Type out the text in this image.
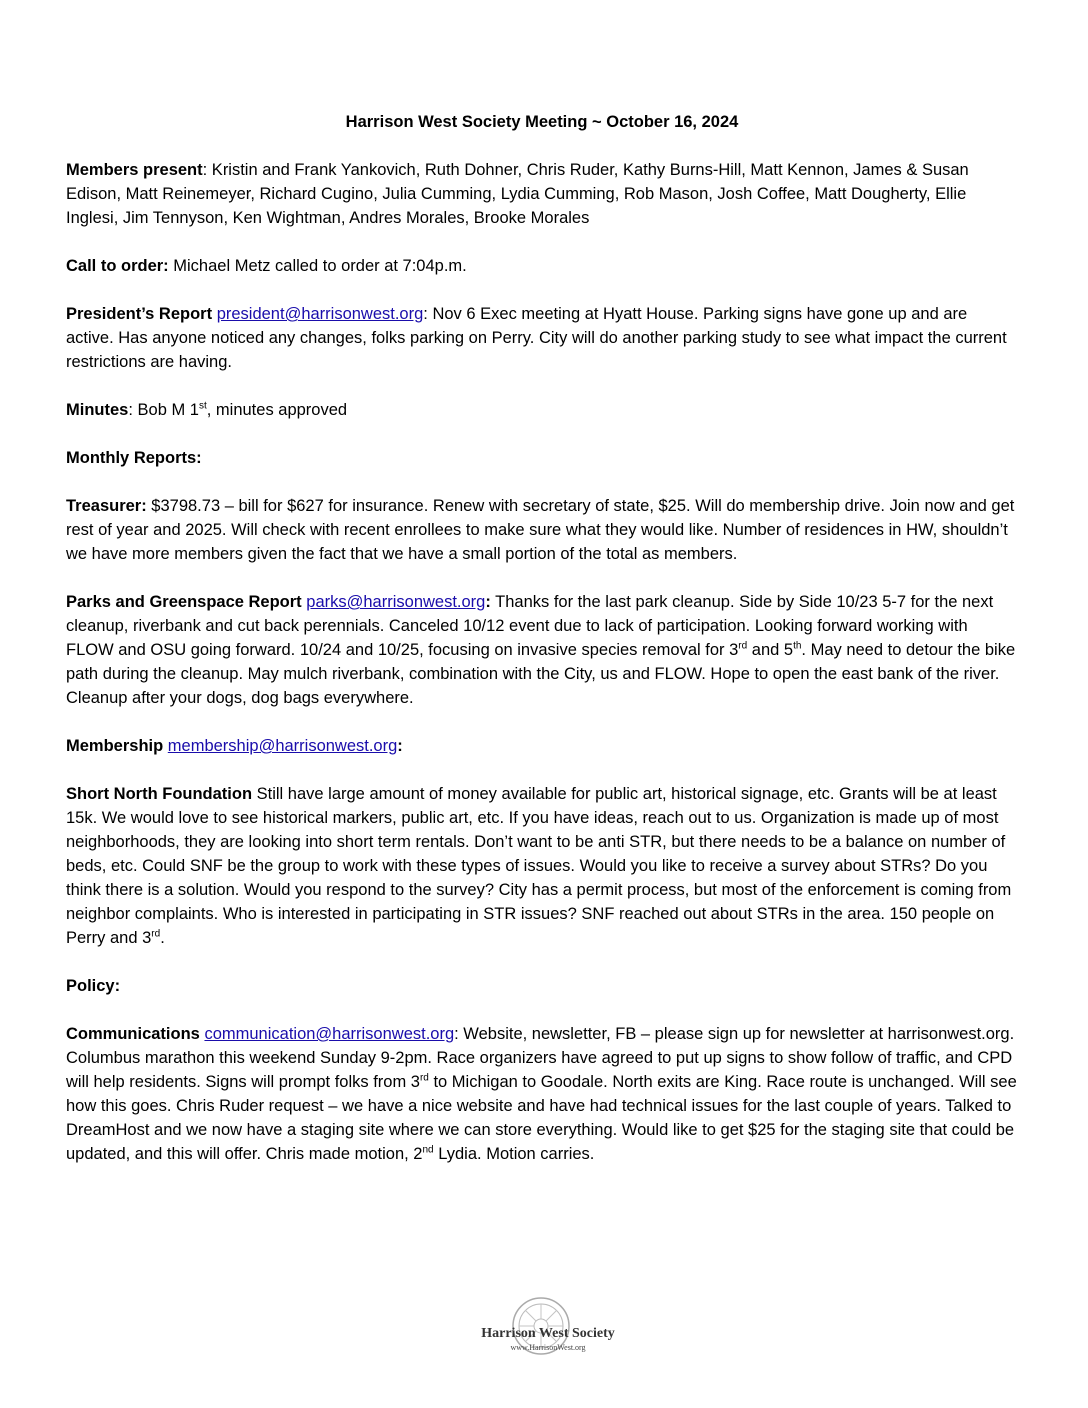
Harrison West Society Meeting ~ October 16, 2024

Members present: Kristin and Frank Yankovich, Ruth Dohner, Chris Ruder, Kathy Burns-Hill, Matt Kennon, James & Susan Edison, Matt Reinemeyer, Richard Cugino, Julia Cumming, Lydia Cumming, Rob Mason, Josh Coffee, Matt Dougherty, Ellie Inglesi, Jim Tennyson, Ken Wightman, Andres Morales, Brooke Morales

Call to order: Michael Metz called to order at 7:04p.m.

President’s Report president@harrisonwest.org: Nov 6 Exec meeting at Hyatt House. Parking signs have gone up and are active. Has anyone noticed any changes, folks parking on Perry. City will do another parking study to see what impact the current restrictions are having.

Minutes: Bob M 1st, minutes approved

Monthly Reports:

Treasurer: $3798.73 – bill for $627 for insurance. Renew with secretary of state, $25. Will do membership drive. Join now and get rest of year and 2025. Will check with recent enrollees to make sure what they would like. Number of residences in HW, shouldn’t we have more members given the fact that we have a small portion of the total as members.

Parks and Greenspace Report parks@harrisonwest.org: Thanks for the last park cleanup. Side by Side 10/23 5-7 for the next cleanup, riverbank and cut back perennials. Canceled 10/12 event due to lack of participation. Looking forward working with FLOW and OSU going forward. 10/24 and 10/25, focusing on invasive species removal for 3rd and 5th. May need to detour the bike path during the cleanup. May mulch riverbank, combination with the City, us and FLOW. Hope to open the east bank of the river. Cleanup after your dogs, dog bags everywhere.

Membership membership@harrisonwest.org:

Short North Foundation Still have large amount of money available for public art, historical signage, etc. Grants will be at least 15k. We would love to see historical markers, public art, etc. If you have ideas, reach out to us. Organization is made up of most neighborhoods, they are looking into short term rentals. Don’t want to be anti STR, but there needs to be a balance on number of beds, etc. Could SNF be the group to work with these types of issues. Would you like to receive a survey about STRs? Do you think there is a solution. Would you respond to the survey? City has a permit process, but most of the enforcement is coming from neighbor complaints. Who is interested in participating in STR issues? SNF reached out about STRs in the area. 150 people on Perry and 3rd.

Policy:

Communications communication@harrisonwest.org: Website, newsletter, FB – please sign up for newsletter at harrisonwest.org. Columbus marathon this weekend Sunday 9-2pm. Race organizers have agreed to put up signs to show follow of traffic, and CPD will help residents. Signs will prompt folks from 3rd to Michigan to Goodale. North exits are King. Race route is unchanged. Will see how this goes. Chris Ruder request – we have a nice website and have had technical issues for the last couple of years. Talked to DreamHost and we now have a staging site where we can store everything. Would like to get $25 for the staging site that could be updated, and this will offer. Chris made motion, 2nd Lydia. Motion carries.

Harrison West Society
www.HarrisonWest.org
